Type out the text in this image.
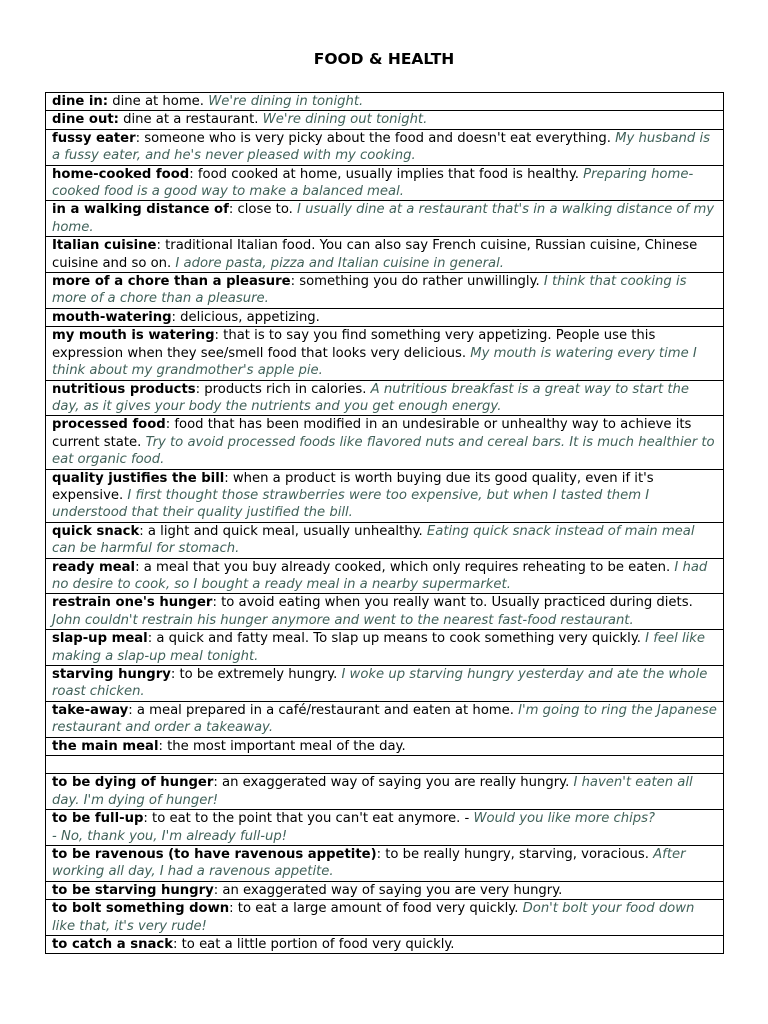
FOOD & HEALTH
dine in: dine at home. We're dining in tonight.
dine out: dine at a restaurant. We're dining out tonight.
fussy eater: someone who is very picky about the food and doesn't eat everything. My husband is a fussy eater, and he's never pleased with my cooking.
home-cooked food: food cooked at home, usually implies that food is healthy. Preparing home-cooked food is a good way to make a balanced meal.
in a walking distance of: close to. I usually dine at a restaurant that's in a walking distance of my home.
Italian cuisine: traditional Italian food. You can also say French cuisine, Russian cuisine, Chinese cuisine and so on. I adore pasta, pizza and Italian cuisine in general.
more of a chore than a pleasure: something you do rather unwillingly. I think that cooking is more of a chore than a pleasure.
mouth-watering: delicious, appetizing.
my mouth is watering: that is to say you find something very appetizing. People use this expression when they see/smell food that looks very delicious. My mouth is watering every time I think about my grandmother's apple pie.
nutritious products: products rich in calories. A nutritious breakfast is a great way to start the day, as it gives your body the nutrients and you get enough energy.
processed food: food that has been modified in an undesirable or unhealthy way to achieve its current state. Try to avoid processed foods like flavored nuts and cereal bars. It is much healthier to eat organic food.
quality justifies the bill: when a product is worth buying due its good quality, even if it's expensive. I first thought those strawberries were too expensive, but when I tasted them I understood that their quality justified the bill.
quick snack: a light and quick meal, usually unhealthy. Eating quick snack instead of main meal can be harmful for stomach.
ready meal: a meal that you buy already cooked, which only requires reheating to be eaten. I had no desire to cook, so I bought a ready meal in a nearby supermarket.
restrain one's hunger: to avoid eating when you really want to. Usually practiced during diets. John couldn't restrain his hunger anymore and went to the nearest fast-food restaurant.
slap-up meal: a quick and fatty meal. To slap up means to cook something very quickly. I feel like making a slap-up meal tonight.
starving hungry: to be extremely hungry. I woke up starving hungry yesterday and ate the whole roast chicken.
take-away: a meal prepared in a café/restaurant and eaten at home. I'm going to ring the Japanese restaurant and order a takeaway.
the main meal: the most important meal of the day.

to be dying of hunger: an exaggerated way of saying you are really hungry. I haven't eaten all day. I'm dying of hunger!
to be full-up: to eat to the point that you can't eat anymore. - Would you like more chips?
- No, thank you, I'm already full-up!
to be ravenous (to have ravenous appetite): to be really hungry, starving, voracious. After working all day, I had a ravenous appetite.
to be starving hungry: an exaggerated way of saying you are very hungry.
to bolt something down: to eat a large amount of food very quickly. Don't bolt your food down like that, it's very rude!
to catch a snack: to eat a little portion of food very quickly.
